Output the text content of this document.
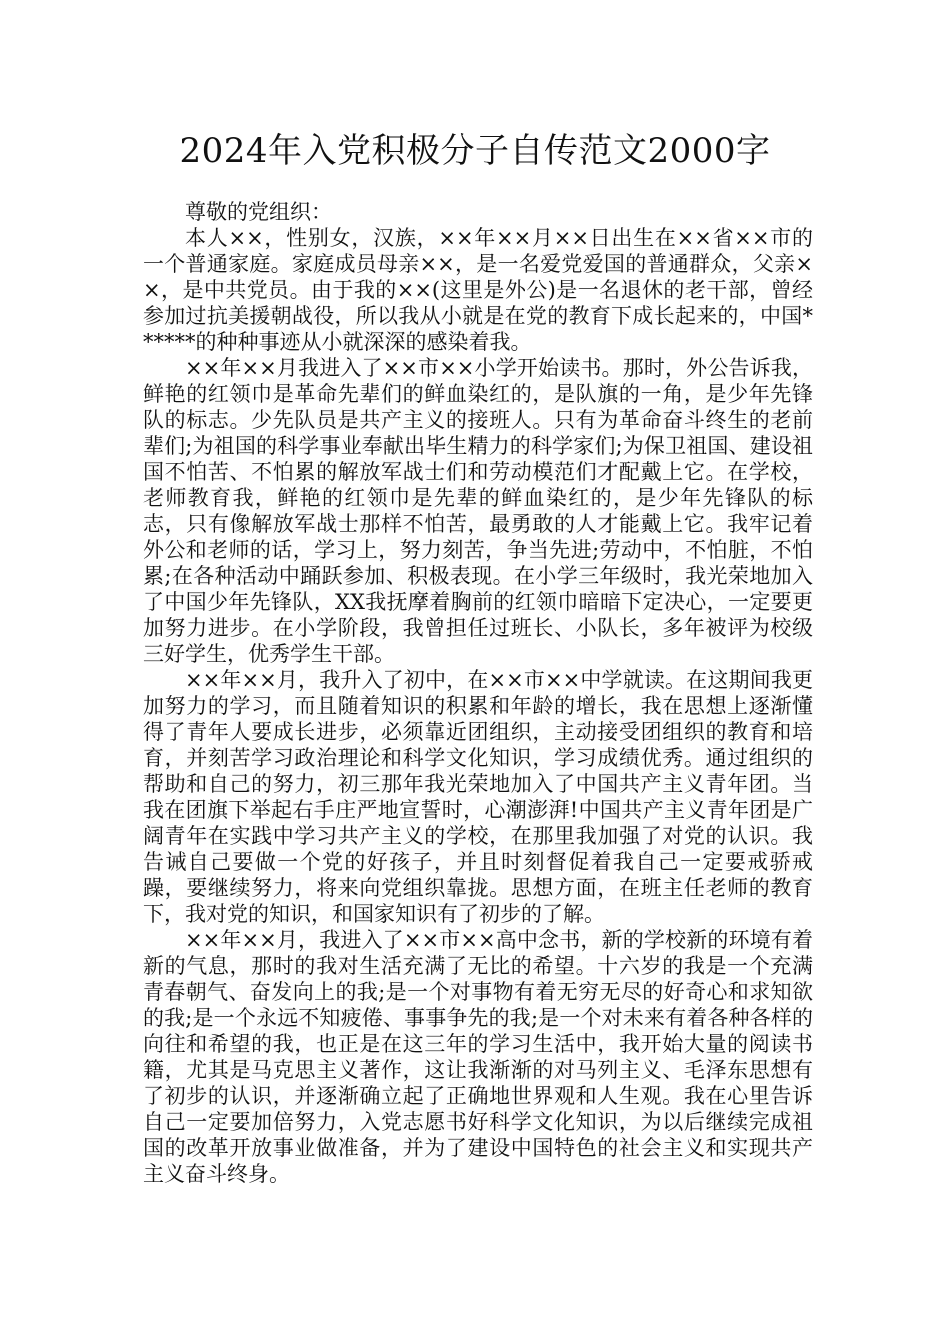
2024年入党积极分子自传范文2000字

尊敬的党组织：

本人××，性别女，汉族，××年××月××日出生在××省××市的一个普通家庭。家庭成员母亲××，是一名爱党爱国的普通群众，父亲××，是中共党员。由于我的××(这里是外公)是一名退休的老干部，曾经参加过抗美援朝战役，所以我从小就是在党的教育下成长起来的，中国******的种种事迹从小就深深的感染着我。

××年××月我进入了××市××小学开始读书。那时，外公告诉我，鲜艳的红领巾是革命先辈们的鲜血染红的，是队旗的一角，是少年先锋队的标志。少先队员是共产主义的接班人。只有为革命奋斗终生的老前辈们;为祖国的科学事业奉献出毕生精力的科学家们;为保卫祖国、建设祖国不怕苦、不怕累的解放军战士们和劳动模范们才配戴上它。在学校，老师教育我，鲜艳的红领巾是先辈的鲜血染红的，是少年先锋队的标志，只有像解放军战士那样不怕苦，最勇敢的人才能戴上它。我牢记着外公和老师的话，学习上，努力刻苦，争当先进;劳动中，不怕脏，不怕累;在各种活动中踊跃参加、积极表现。在小学三年级时，我光荣地加入了中国少年先锋队，XX我抚摩着胸前的红领巾暗暗下定决心，一定要更加努力进步。在小学阶段，我曾担任过班长、小队长，多年被评为校级三好学生，优秀学生干部。

××年××月，我升入了初中，在××市××中学就读。在这期间我更加努力的学习，而且随着知识的积累和年龄的增长，我在思想上逐渐懂得了青年人要成长进步，必须靠近团组织，主动接受团组织的教育和培育，并刻苦学习政治理论和科学文化知识，学习成绩优秀。通过组织的帮助和自己的努力，初三那年我光荣地加入了中国共产主义青年团。当我在团旗下举起右手庄严地宣誓时，心潮澎湃!中国共产主义青年团是广阔青年在实践中学习共产主义的学校，在那里我加强了对党的认识。我告诫自己要做一个党的好孩子，并且时刻督促着我自己一定要戒骄戒躁，要继续努力，将来向党组织靠拢。思想方面，在班主任老师的教育下，我对党的知识，和国家知识有了初步的了解。

××年××月，我进入了××市××高中念书，新的学校新的环境有着新的气息，那时的我对生活充满了无比的希望。十六岁的我是一个充满青春朝气、奋发向上的我;是一个对事物有着无穷无尽的好奇心和求知欲的我;是一个永远不知疲倦、事事争先的我;是一个对未来有着各种各样的向往和希望的我，也正是在这三年的学习生活中，我开始大量的阅读书籍，尤其是马克思主义著作，这让我渐渐的对马列主义、毛泽东思想有了初步的认识，并逐渐确立起了正确地世界观和人生观。我在心里告诉自己一定要加倍努力，入党志愿书好科学文化知识，为以后继续完成祖国的改革开放事业做准备，并为了建设中国特色的社会主义和实现共产主义奋斗终身。
